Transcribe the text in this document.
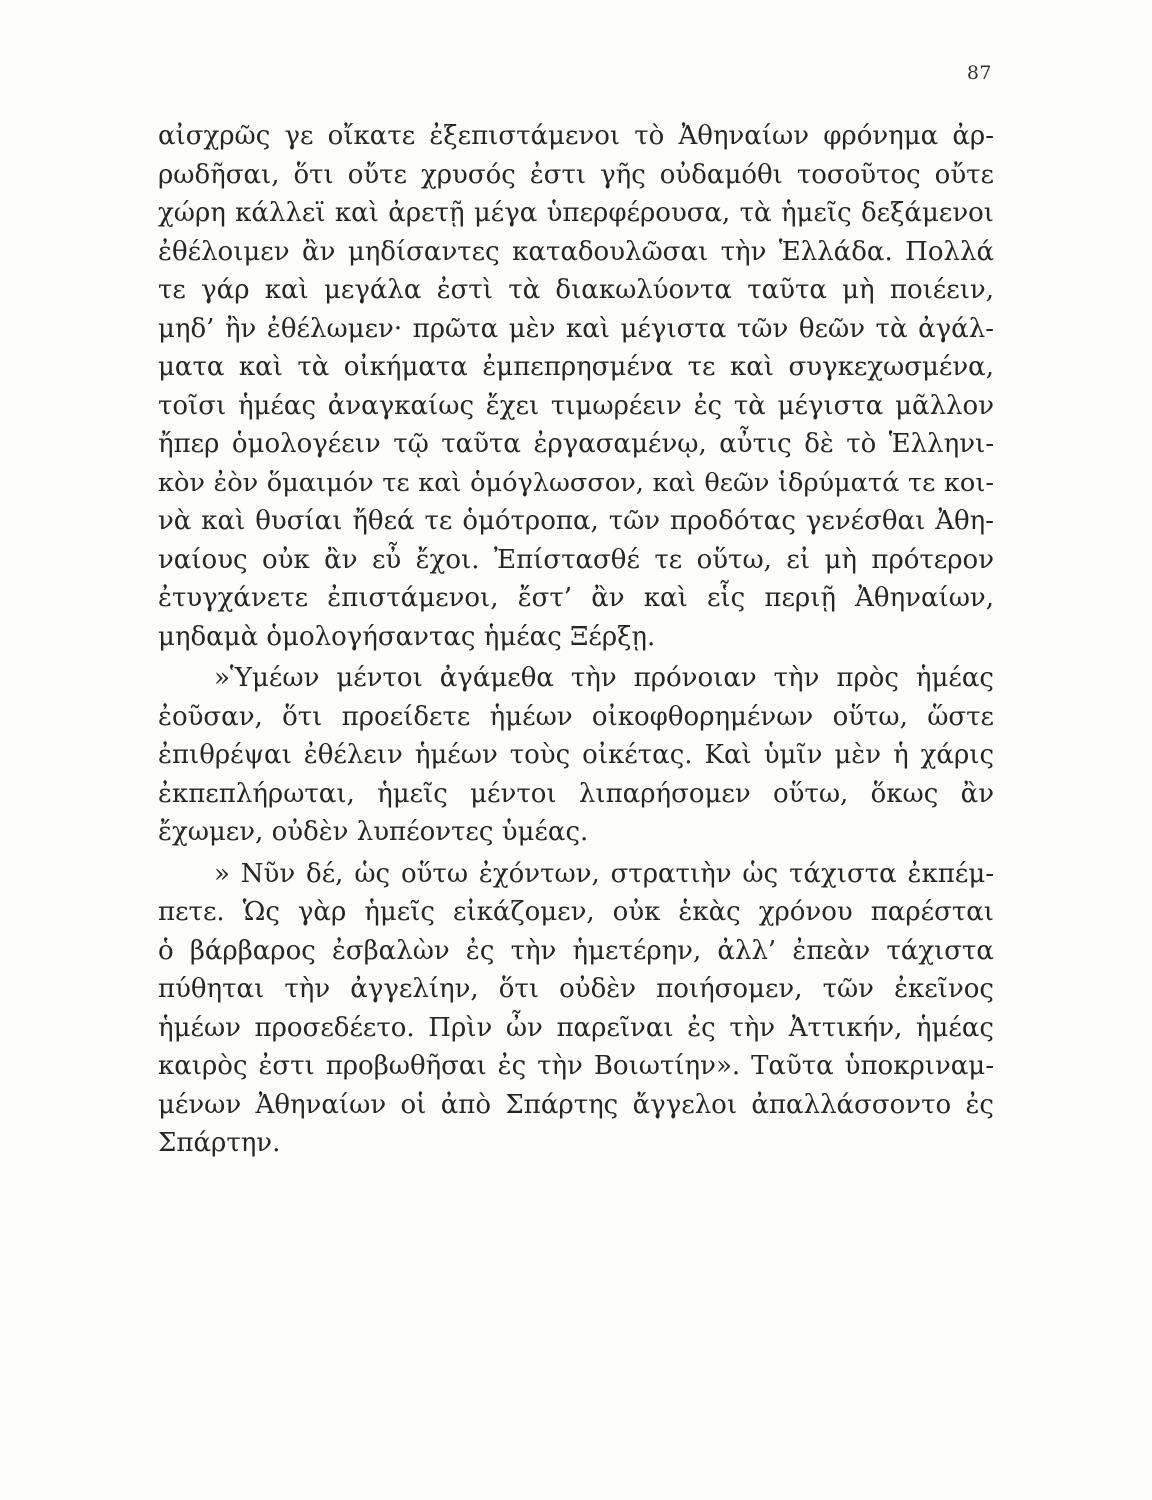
87
αἰσχρῶς γε οἴκατε ἐξεπιστάμενοι τὸ Ἀθηναίων φρόνημα ἀρ-
ρωδῆσαι, ὅτι οὔτε χρυσός ἐστι γῆς οὐδαμόθι τοσοῦτος οὔτε
χώρη κάλλεϊ καὶ ἀρετῇ μέγα ὑπερφέρουσα, τὰ ἡμεῖς δεξάμενοι
ἐθέλοιμεν ἂν μηδίσαντες καταδουλῶσαι τὴν Ἑλλάδα. Πολλά
τε γάρ καὶ μεγάλα ἐστὶ τὰ διακωλύοντα ταῦτα μὴ ποιέειν,
μηδ’ ἢν ἐθέλωμεν· πρῶτα μὲν καὶ μέγιστα τῶν θεῶν τὰ ἀγάλ-
ματα καὶ τὰ οἰκήματα ἐμπεπρησμένα τε καὶ συγκεχωσμένα,
τοῖσι ἡμέας ἀναγκαίως ἔχει τιμωρέειν ἐς τὰ μέγιστα μᾶλλον
ἤπερ ὁμολογέειν τῷ ταῦτα ἐργασαμένῳ, αὖτις δὲ τὸ Ἑλληνι-
κὸν ἐὸν ὅμαιμόν τε καὶ ὁμόγλωσσον, καὶ θεῶν ἱδρύματά τε κοι-
νὰ καὶ θυσίαι ἤθεά τε ὁμότροπα, τῶν προδότας γενέσθαι Ἀθη-
ναίους οὐκ ἂν εὖ ἔχοι. Ἐπίστασθέ τε οὕτω, εἰ μὴ πρότερον
ἐτυγχάνετε ἐπιστάμενοι, ἔστ’ ἂν καὶ εἷς περιῇ Ἀθηναίων,
μηδαμὰ ὁμολογήσαντας ἡμέας Ξέρξῃ.
»Ὑμέων μέντοι ἀγάμεθα τὴν πρόνοιαν τὴν πρὸς ἡμέας
ἐοῦσαν, ὅτι προείδετε ἡμέων οἰκοφθορημένων οὕτω, ὥστε
ἐπιθρέψαι ἐθέλειν ἡμέων τοὺς οἰκέτας. Καὶ ὑμῖν μὲν ἡ χάρις
ἐκπεπλήρωται, ἡμεῖς μέντοι λιπαρήσομεν οὕτω, ὅκως ἂν
ἔχωμεν, οὐδὲν λυπέοντες ὑμέας.
» Νῦν δέ, ὡς οὕτω ἐχόντων, στρατιὴν ὡς τάχιστα ἐκπέμ-
πετε. Ὡς γὰρ ἡμεῖς εἰκάζομεν, οὐκ ἑκὰς χρόνου παρέσται
ὁ βάρβαρος ἐσβαλὼν ἐς τὴν ἡμετέρην, ἀλλ’ ἐπεὰν τάχιστα
πύθηται τὴν ἀγγελίην, ὅτι οὐδὲν ποιήσομεν, τῶν ἐκεῖνος
ἡμέων προσεδέετο. Πρὶν ὦν παρεῖναι ἐς τὴν Ἀττικήν, ἡμέας
καιρὸς ἐστι προβωθῆσαι ἐς τὴν Βοιωτίην». Ταῦτα ὑποκριναμ-
μένων Ἀθηναίων οἱ ἀπὸ Σπάρτης ἄγγελοι ἀπαλλάσσοντο ἐς
Σπάρτην.
